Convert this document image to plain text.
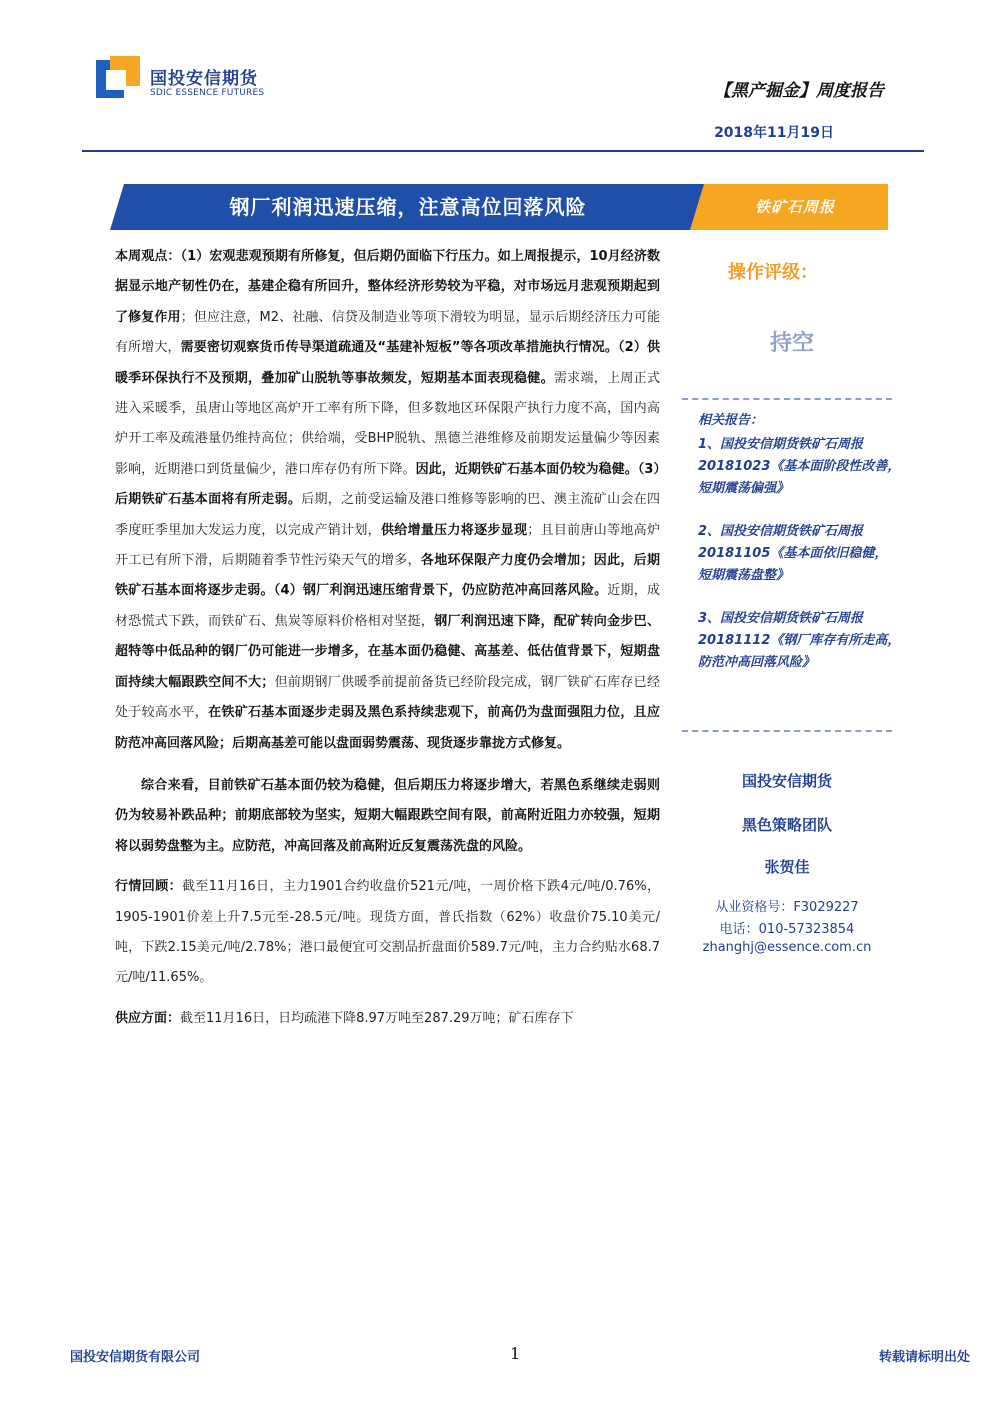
国投安信期货
SDIC ESSENCE FUTURES	【黑产掘金】周度报告
2018年11月19日
钢厂利润迅速压缩，注意高位回落风险	铁矿石周报

本周观点：（1）宏观悲观预期有所修复，但后期仍面临下行压力。如上周报提示，10月经济数据显示地产韧性仍在，基建企稳有所回升，整体经济形势较为平稳，对市场远月悲观预期起到了修复作用；但应注意，M2、社融、信贷及制造业等项下滑较为明显，显示后期经济压力可能有所增大，需要密切观察货币传导渠道疏通及“基建补短板”等各项改革措施执行情况。（2）供暖季环保执行不及预期，叠加矿山脱轨等事故频发，短期基本面表现稳健。需求端，上周正式进入采暖季，虽唐山等地区高炉开工率有所下降，但多数地区环保限产执行力度不高，国内高炉开工率及疏港量仍维持高位；供给端，受BHP脱轨、黑德兰港维修及前期发运量偏少等因素影响，近期港口到货量偏少，港口库存仍有所下降。因此，近期铁矿石基本面仍较为稳健。（3）后期铁矿石基本面将有所走弱。后期，之前受运输及港口维修等影响的巴、澳主流矿山会在四季度旺季里加大发运力度，以完成产销计划，供给增量压力将逐步显现；且目前唐山等地高炉开工已有所下滑，后期随着季节性污染天气的增多，各地环保限产力度仍会增加；因此，后期铁矿石基本面将逐步走弱。（4）钢厂利润迅速压缩背景下，仍应防范冲高回落风险。近期，成材恐慌式下跌，而铁矿石、焦炭等原料价格相对坚挺，钢厂利润迅速下降，配矿转向金步巴、超特等中低品种的钢厂仍可能进一步增多，在基本面仍稳健、高基差、低估值背景下，短期盘面持续大幅跟跌空间不大；但前期钢厂供暖季前提前备货已经阶段完成，钢厂铁矿石库存已经处于较高水平，在铁矿石基本面逐步走弱及黑色系持续悲观下，前高仍为盘面强阻力位，且应防范冲高回落风险；后期高基差可能以盘面弱势震荡、现货逐步靠拢方式修复。

综合来看，目前铁矿石基本面仍较为稳健，但后期压力将逐步增大，若黑色系继续走弱则仍为较易补跌品种；前期底部较为坚实，短期大幅跟跌空间有限，前高附近阻力亦较强，短期将以弱势盘整为主。应防范，冲高回落及前高附近反复震荡洗盘的风险。

行情回顾：截至11月16日，主力1901合约收盘价521元/吨，一周价格下跌4元/吨/0.76%，1905-1901价差上升7.5元至-28.5元/吨。现货方面，普氏指数（62%）收盘价75.10美元/吨，下跌2.15美元/吨/2.78%；港口最便宜可交割品折盘面价589.7元/吨，主力合约贴水68.7元/吨/11.65%。

供应方面：截至11月16日，日均疏港下降8.97万吨至287.29万吨；矿石库存下

操作评级：
持空
相关报告：
1、国投安信期货铁矿石周报
20181023《基本面阶段性改善，
短期震荡偏强》
2、国投安信期货铁矿石周报
20181105《基本面依旧稳健，
短期震荡盘整》
3、国投安信期货铁矿石周报
20181112《钢厂库存有所走高，
防范冲高回落风险》
国投安信期货
黑色策略团队
张贺佳
从业资格号：F3029227
电话：010-57323854
zhanghj@essence.com.cn
国投安信期货有限公司	1	转载请标明出处
